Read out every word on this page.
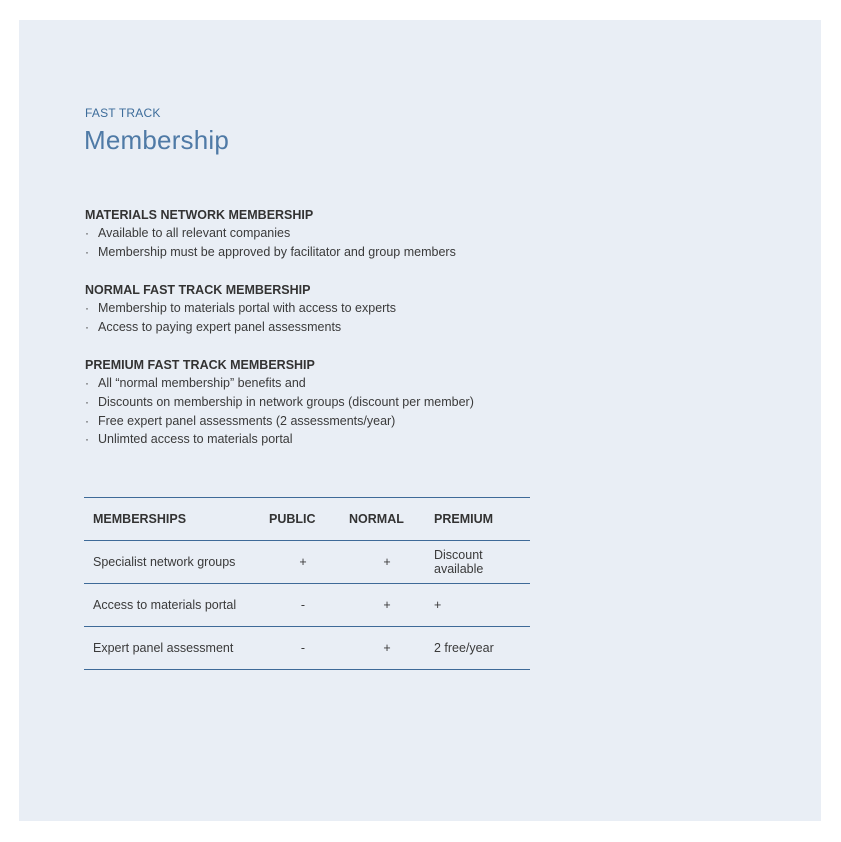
FAST TRACK
Membership
MATERIALS NETWORK MEMBERSHIP
· Available to all relevant companies
· Membership must be approved by facilitator and group members
NORMAL FAST TRACK MEMBERSHIP
· Membership to materials portal with access to experts
· Access to paying expert panel assessments
PREMIUM FAST TRACK MEMBERSHIP
· All “normal membership” benefits and
· Discounts on membership in network groups (discount per member)
· Free expert panel assessments (2 assessments/year)
· Unlimted access to materials portal
MEMBERSHIPS	PUBLIC	NORMAL	PREMIUM
Specialist network groups	+	+	Discount available
Access to materials portal	-	+	+
Expert panel assessment	-	+	2 free/year
